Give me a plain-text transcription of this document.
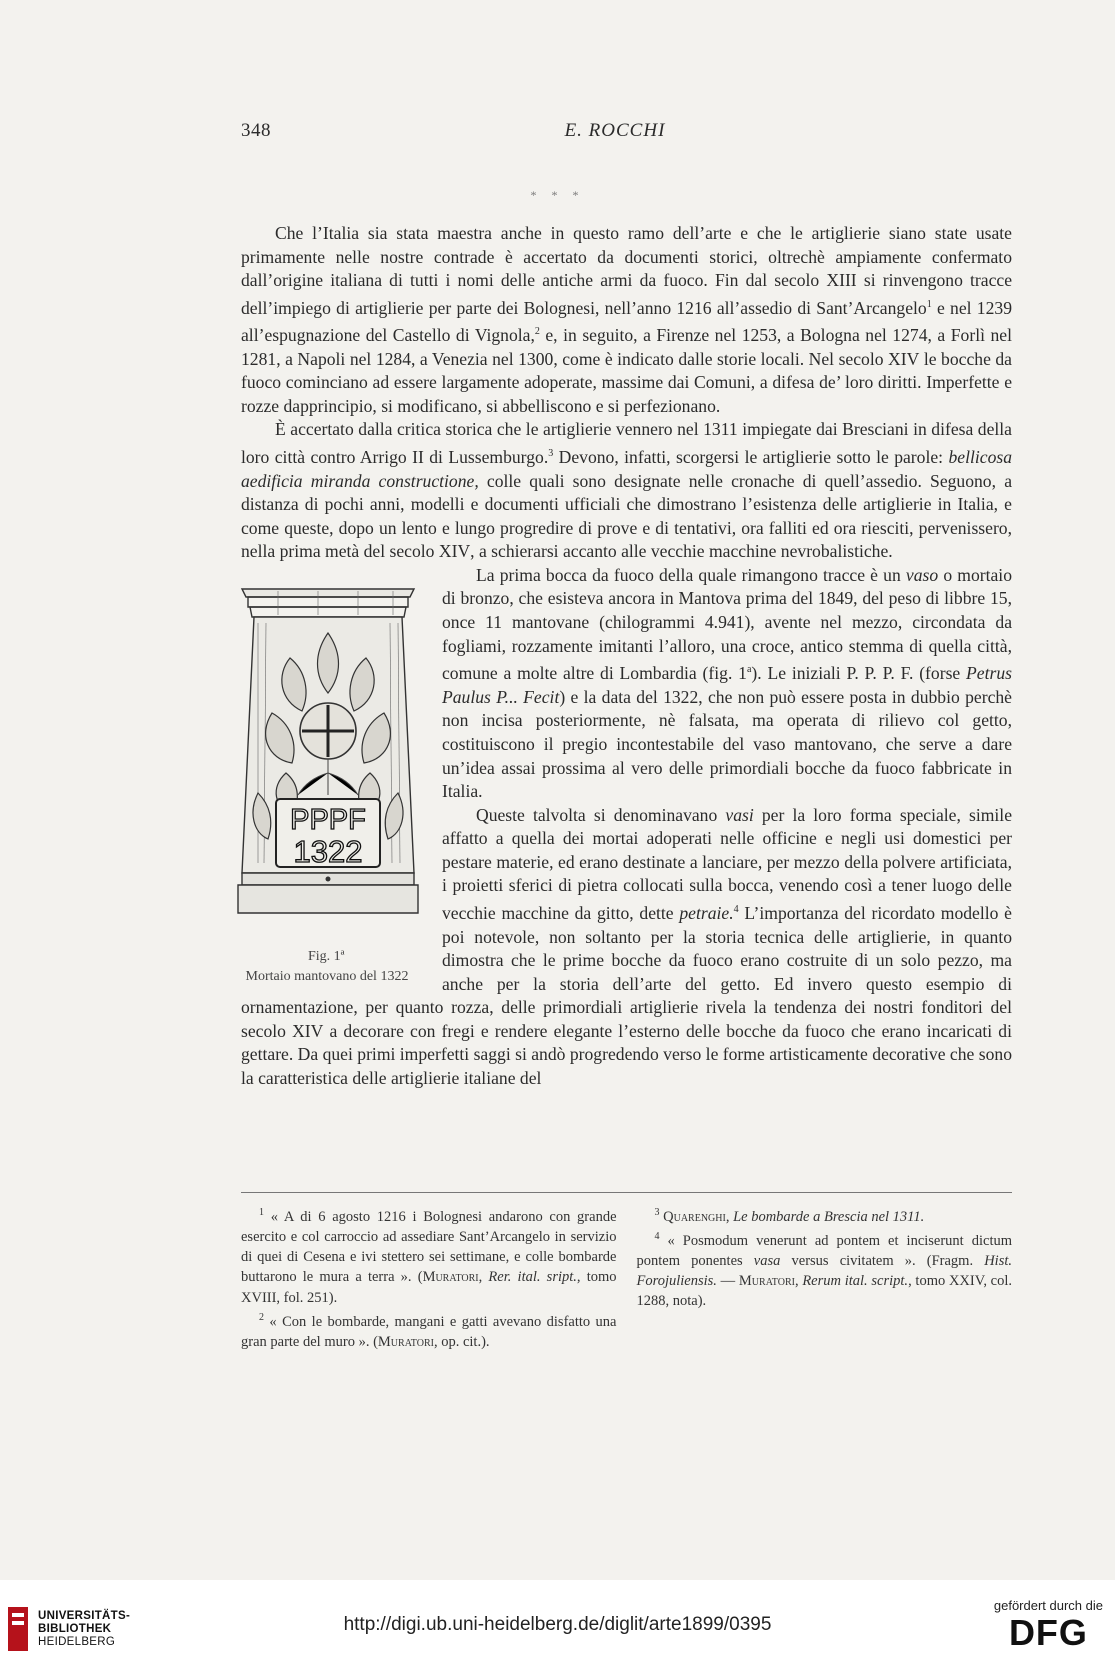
348	E. ROCCHI
* * *

Che l’Italia sia stata maestra anche in questo ramo dell’arte e che le artiglierie siano state usate primamente nelle nostre contrade è accertato da documenti storici, oltrechè ampiamente confermato dall’origine italiana di tutti i nomi delle antiche armi da fuoco. Fin dal secolo XIII si rinvengono tracce dell’impiego di artiglierie per parte dei Bolognesi, nell’anno 1216 all’assedio di Sant’Arcangelo$^1$ e nel 1239 all’espugnazione del Castello di Vignola,$^2$ e, in seguito, a Firenze nel 1253, a Bologna nel 1274, a Forlì nel 1281, a Napoli nel 1284, a Venezia nel 1300, come è indicato dalle storie locali. Nel secolo XIV le bocche da fuoco cominciano ad essere largamente adoperate, massime dai Comuni, a difesa de’ loro diritti. Imperfette e rozze dapprincipio, si modificano, si abbelliscono e si perfezionano.

È accertato dalla critica storica che le artiglierie vennero nel 1311 impiegate dai Bresciani in difesa della loro città contro Arrigo II di Lussemburgo.$^3$ Devono, infatti, scorgersi le artiglierie sotto le parole: bellicosa aedificia miranda constructione, colle quali sono designate nelle cronache di quell’assedio. Seguono, a distanza di pochi anni, modelli e documenti ufficiali che dimostrano l’esistenza delle artiglierie in Italia, e come queste, dopo un lento e lungo progredire di prove e di tentativi, ora falliti ed ora riesciti, pervenissero, nella prima metà del secolo XIV, a schierarsi accanto alle vecchie macchine nevrobalistiche.

PPPF
1322
Fig. 1ª
Mortaio mantovano del 1322

La prima bocca da fuoco della quale rimangono tracce è un vaso o mortaio di bronzo, che esisteva ancora in Mantova prima del 1849, del peso di libbre 15, once 11 mantovane (chilogrammi 4.941), avente nel mezzo, circondata da fogliami, rozzamente imitanti l’alloro, una croce, antico stemma di quella città, comune a molte altre di Lombardia (fig. 1$^a$). Le iniziali P. P. P. F. (forse Petrus Paulus P... Fecit) e la data del 1322, che non può essere posta in dubbio perchè non incisa posteriormente, nè falsata, ma operata di rilievo col getto, costituiscono il pregio incontestabile del vaso mantovano, che serve a dare un’idea assai prossima al vero delle primordiali bocche da fuoco fabbricate in Italia.

Queste talvolta si denominavano vasi per la loro forma speciale, simile affatto a quella dei mortai adoperati nelle officine e negli usi domestici per pestare materie, ed erano destinate a lanciare, per mezzo della polvere artificiata, i proietti sferici di pietra collocati sulla bocca, venendo così a tener luogo delle vecchie macchine da gitto, dette petraie.$^4$ L’importanza del ricordato modello è poi notevole, non soltanto per la storia tecnica delle artiglierie, in quanto dimostra che le prime bocche da fuoco erano costruite di un solo pezzo, ma anche per la storia dell’arte del getto. Ed invero questo esempio di ornamentazione, per quanto rozza, delle primordiali artiglierie rivela la tendenza dei nostri fonditori del secolo XIV a decorare con fregi e rendere elegante l’esterno delle bocche da fuoco che erano incaricati di gettare. Da quei primi imperfetti saggi si andò progredendo verso le forme artisticamente decorative che sono la caratteristica delle artiglierie italiane del

$^1$ « A di 6 agosto 1216 i Bolognesi andarono con grande esercito e col carroccio ad assediare Sant’Arcangelo in servizio di quei di Cesena e ivi stettero sei settimane, e colle bombarde buttarono le mura a terra ». (Muratori, Rer. ital. sript., tomo XVIII, fol. 251).

$^2$ « Con le bombarde, mangani e gatti avevano disfatto una gran parte del muro ». (Muratori, op. cit.).

$^3$ Quarenghi, Le bombarde a Brescia nel 1311.

$^4$ « Posmodum venerunt ad pontem et inciserunt dictum pontem ponentes vasa versus civitatem ». (Fragm. Hist. Forojuliensis. — Muratori, Rerum ital. script., tomo XXIV, col. 1288, nota).

UNIVERSITÄTS-
BIBLIOTHEK
HEIDELBERG
http://digi.ub.uni-heidelberg.de/diglit/arte1899/0395
gefördert durch die
DFG
